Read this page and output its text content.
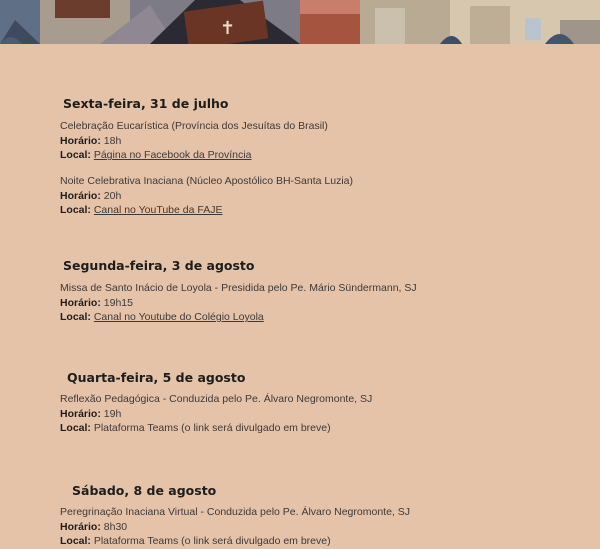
✝
Sexta-feira, 31 de julho
Celebração Eucarística (Província dos Jesuítas do Brasil)
Horário: 18h
Local: Página no Facebook da Província
Noite Celebrativa Inaciana (Núcleo Apostólico BH-Santa Luzia)
Horário: 20h
Local: Canal no YouTube da FAJE
Segunda-feira, 3 de agosto
Missa de Santo Inácio de Loyola - Presidida pelo Pe. Mário Sündermann, SJ
Horário: 19h15
Local: Canal no Youtube do Colégio Loyola
Quarta-feira, 5 de agosto
Reflexão Pedagógica - Conduzida pelo Pe. Álvaro Negromonte, SJ
Horário: 19h
Local: Plataforma Teams (o link será divulgado em breve)
Sábado, 8 de agosto
Peregrinação Inaciana Virtual - Conduzida pelo Pe. Álvaro Negromonte, SJ
Horário: 8h30
Local: Plataforma Teams (o link será divulgado em breve)
